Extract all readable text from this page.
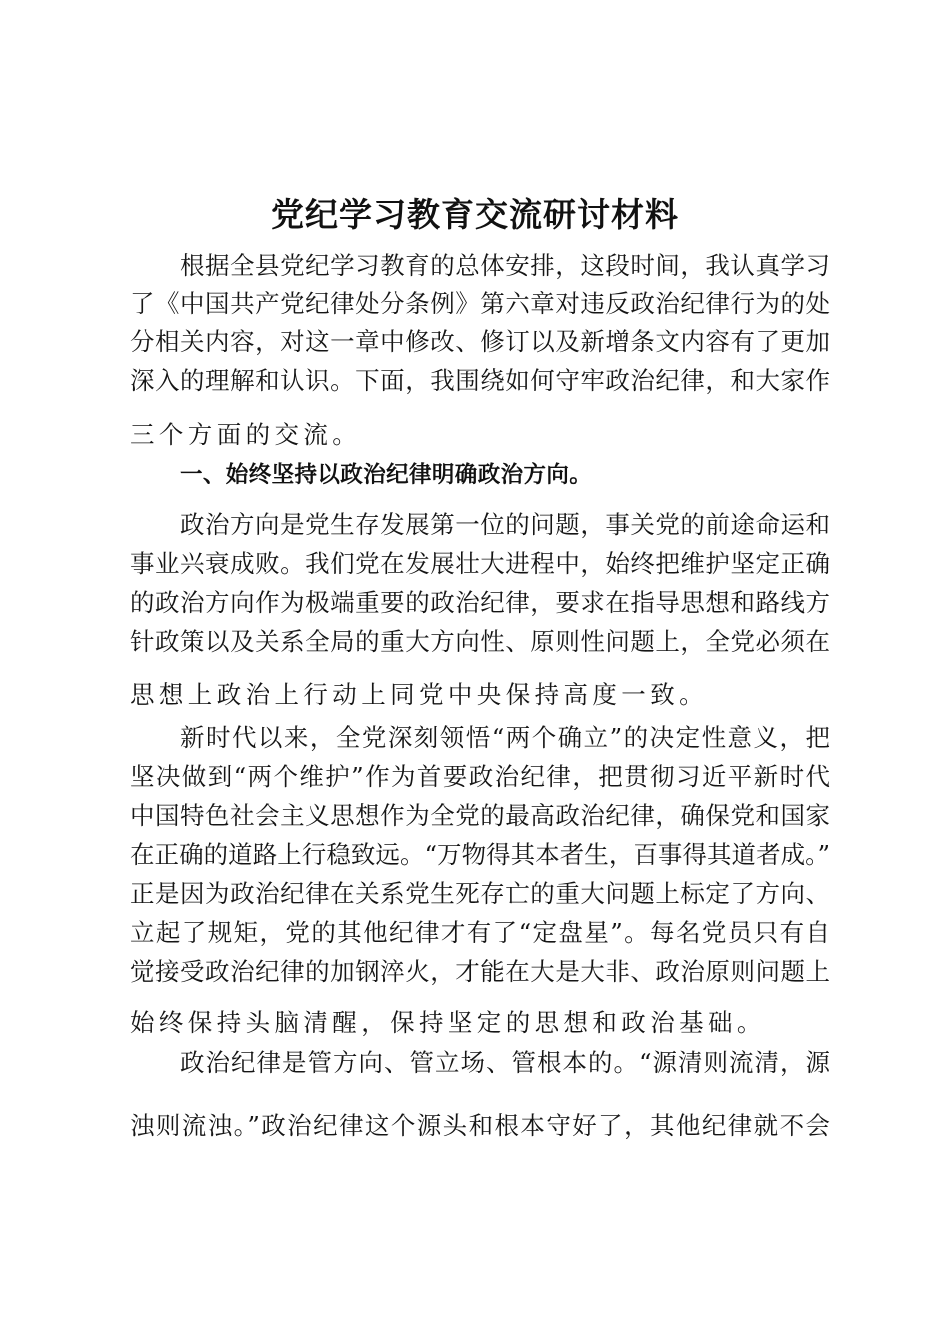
党纪学习教育交流研讨材料
根据全县党纪学习教育的总体安排，这段时间，我认真学习
了《中国共产党纪律处分条例》第六章对违反政治纪律行为的处
分相关内容，对这一章中修改、修订以及新增条文内容有了更加
深入的理解和认识。下面，我围绕如何守牢政治纪律，和大家作
三个方面的交流。
一、始终坚持以政治纪律明确政治方向。
政治方向是党生存发展第一位的问题，事关党的前途命运和
事业兴衰成败。我们党在发展壮大进程中，始终把维护坚定正确
的政治方向作为极端重要的政治纪律，要求在指导思想和路线方
针政策以及关系全局的重大方向性、原则性问题上，全党必须在
思想上政治上行动上同党中央保持高度一致。
新时代以来，全党深刻领悟“两个确立”的决定性意义，把
坚决做到“两个维护”作为首要政治纪律，把贯彻习近平新时代
中国特色社会主义思想作为全党的最高政治纪律，确保党和国家
在正确的道路上行稳致远。“万物得其本者生，百事得其道者成。”
正是因为政治纪律在关系党生死存亡的重大问题上标定了方向、
立起了规矩，党的其他纪律才有了“定盘星”。每名党员只有自
觉接受政治纪律的加钢淬火，才能在大是大非、政治原则问题上
始终保持头脑清醒，保持坚定的思想和政治基础。
政治纪律是管方向、管立场、管根本的。“源清则流清，源
浊则流浊。”政治纪律这个源头和根本守好了，其他纪律就不会
